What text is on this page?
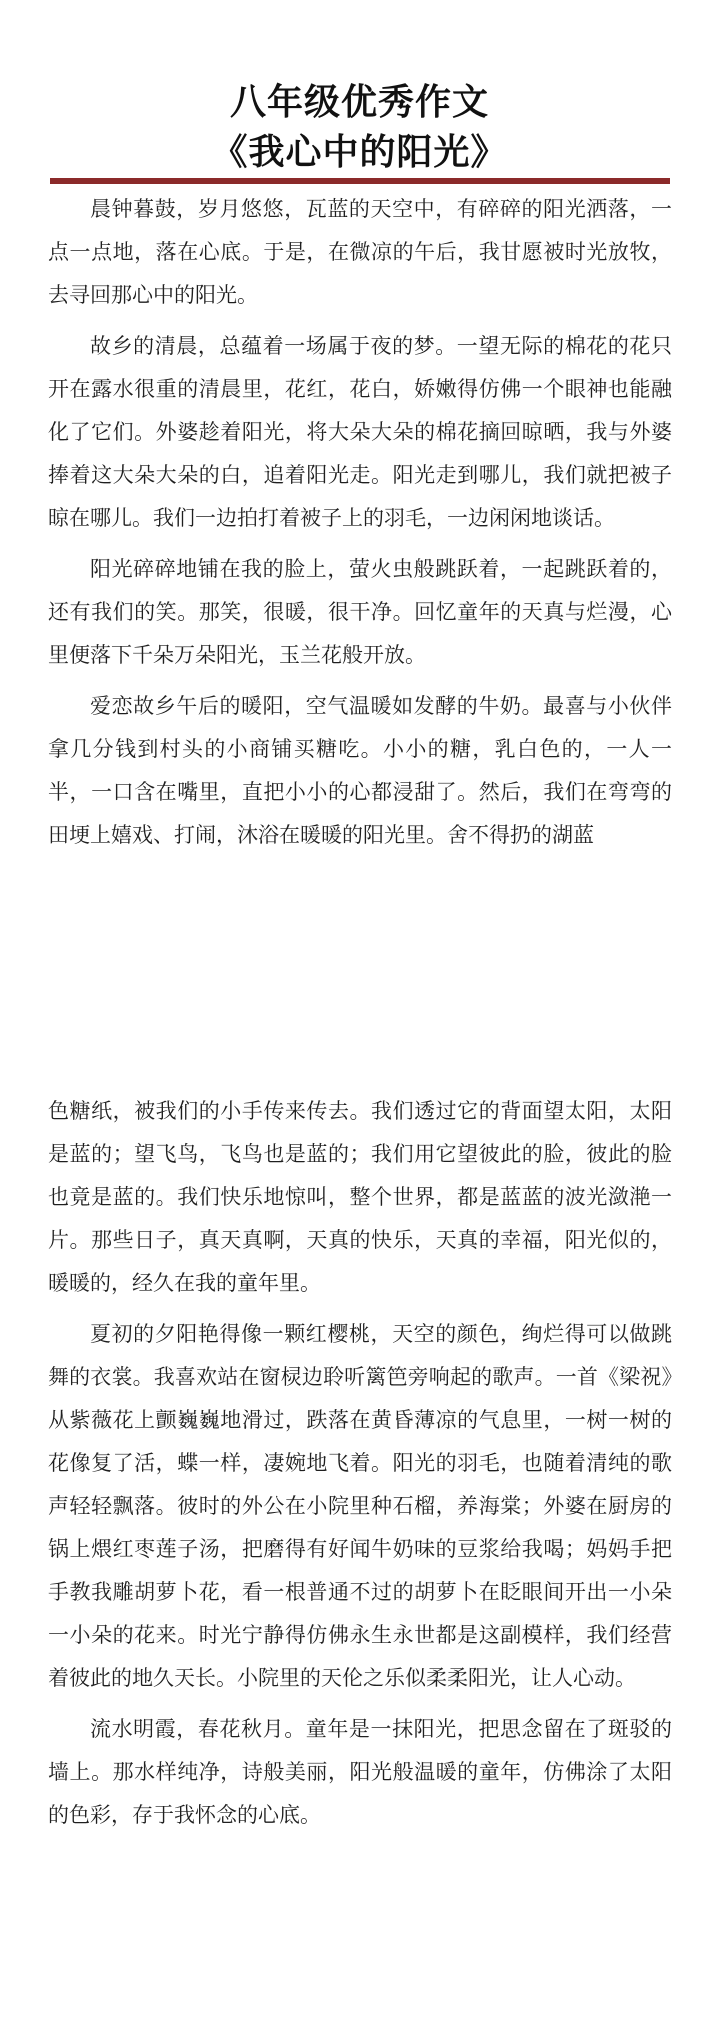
八年级优秀作文
《我心中的阳光》

晨钟暮鼓，岁月悠悠，瓦蓝的天空中，有碎碎的阳光洒落，一点一点地，落在心底。于是，在微凉的午后，我甘愿被时光放牧，去寻回那心中的阳光。

故乡的清晨，总蕴着一场属于夜的梦。一望无际的棉花的花只开在露水很重的清晨里，花红，花白，娇嫩得仿佛一个眼神也能融化了它们。外婆趁着阳光，将大朵大朵的棉花摘回晾晒，我与外婆捧着这大朵大朵的白，追着阳光走。阳光走到哪儿，我们就把被子晾在哪儿。我们一边拍打着被子上的羽毛，一边闲闲地谈话。

阳光碎碎地铺在我的脸上，萤火虫般跳跃着，一起跳跃着的，还有我们的笑。那笑，很暖，很干净。回忆童年的天真与烂漫，心里便落下千朵万朵阳光，玉兰花般开放。

爱恋故乡午后的暖阳，空气温暖如发酵的牛奶。最喜与小伙伴拿几分钱到村头的小商铺买糖吃。小小的糖，乳白色的，一人一半，一口含在嘴里，直把小小的心都浸甜了。然后，我们在弯弯的田埂上嬉戏、打闹，沐浴在暖暖的阳光里。舍不得扔的湖蓝

色糖纸，被我们的小手传来传去。我们透过它的背面望太阳，太阳是蓝的；望飞鸟，飞鸟也是蓝的；我们用它望彼此的脸，彼此的脸也竟是蓝的。我们快乐地惊叫，整个世界，都是蓝蓝的波光潋滟一片。那些日子，真天真啊，天真的快乐，天真的幸福，阳光似的，暖暖的，经久在我的童年里。

夏初的夕阳艳得像一颗红樱桃，天空的颜色，绚烂得可以做跳舞的衣裳。我喜欢站在窗棂边聆听篱笆旁响起的歌声。一首《梁祝》从紫薇花上颤巍巍地滑过，跌落在黄昏薄凉的气息里，一树一树的花像复了活，蝶一样，凄婉地飞着。阳光的羽毛，也随着清纯的歌声轻轻飘落。彼时的外公在小院里种石榴，养海棠；外婆在厨房的锅上煨红枣莲子汤，把磨得有好闻牛奶味的豆浆给我喝；妈妈手把手教我雕胡萝卜花，看一根普通不过的胡萝卜在眨眼间开出一小朵一小朵的花来。时光宁静得仿佛永生永世都是这副模样，我们经营着彼此的地久天长。小院里的天伦之乐似柔柔阳光，让人心动。

流水明霞，春花秋月。童年是一抹阳光，把思念留在了斑驳的墙上。那水样纯净，诗般美丽，阳光般温暖的童年，仿佛涂了太阳的色彩，存于我怀念的心底。
